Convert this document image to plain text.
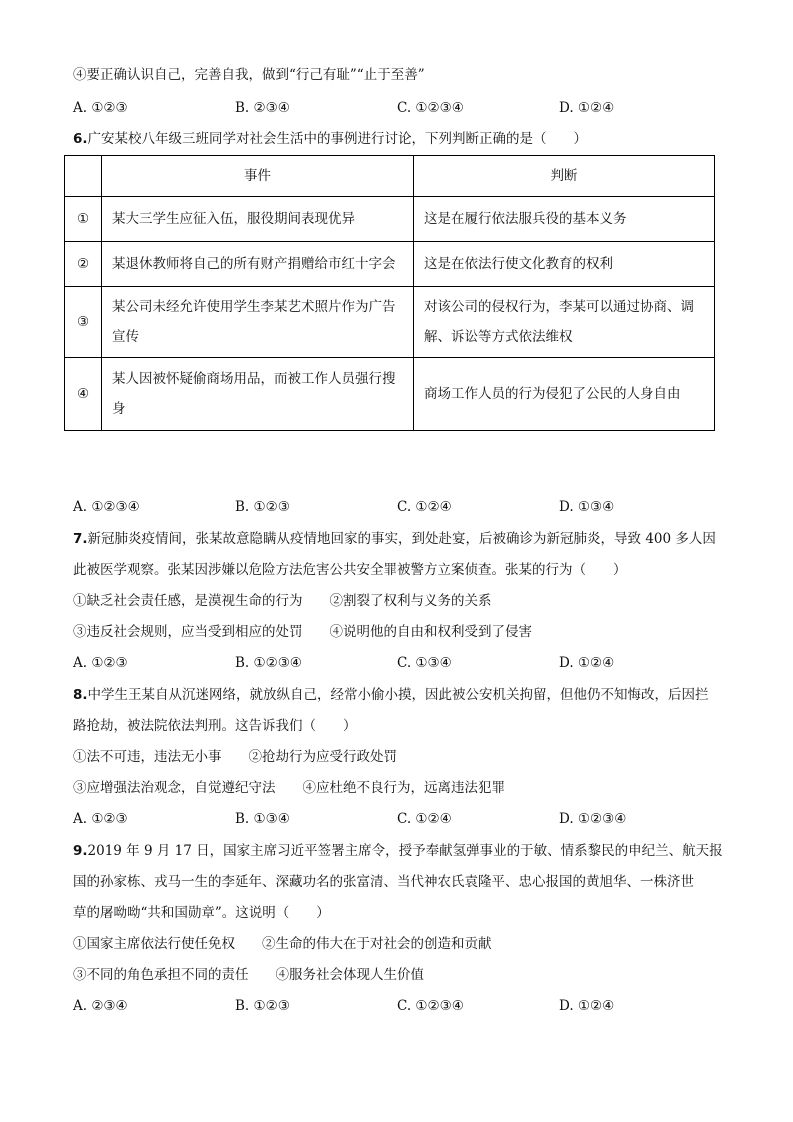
④要正确认识自己，完善自我，做到“行己有耻”“止于至善”
A. ①②③	B. ②③④	C. ①②③④	D. ①②④
6.广安某校八年级三班同学对社会生活中的事例进行讨论，下列判断正确的是（　　）
	事件	判断
①	某大三学生应征入伍，服役期间表现优异	这是在履行依法服兵役的基本义务
②	某退休教师将自己的所有财产捐赠给市红十字会	这是在依法行使文化教育的权利
③	某公司未经允许使用学生李某艺术照片作为广告宣传	对该公司的侵权行为，李某可以通过协商、调解、诉讼等方式依法维权
④	某人因被怀疑偷商场用品，而被工作人员强行搜身	商场工作人员的行为侵犯了公民的人身自由
A. ①②③④	B. ①②③	C. ①②④	D. ①③④
7.新冠肺炎疫情间，张某故意隐瞒从疫情地回家的事实，到处赴宴，后被确诊为新冠肺炎，导致 400 多人因
此被医学观察。张某因涉嫌以危险方法危害公共安全罪被警方立案侦查。张某的行为（　　）
①缺乏社会责任感，是漠视生命的行为　　②割裂了权利与义务的关系
③违反社会规则，应当受到相应的处罚　　④说明他的自由和权利受到了侵害
A. ①②③	B. ①②③④	C. ①③④	D. ①②④
8.中学生王某自从沉迷网络，就放纵自己，经常小偷小摸，因此被公安机关拘留，但他仍不知悔改，后因拦
路抢劫，被法院依法判刑。这告诉我们（　　）
①法不可违，违法无小事　　②抢劫行为应受行政处罚
③应增强法治观念，自觉遵纪守法　　④应杜绝不良行为，远离违法犯罪
A. ①②③	B. ①③④	C. ①②④	D. ①②③④
9.2019 年 9 月 17 日，国家主席习近平签署主席令，授予奉献氢弹事业的于敏、情系黎民的申纪兰、航天报
国的孙家栋、戎马一生的李延年、深藏功名的张富清、当代神农氏袁隆平、忠心报国的黄旭华、一株济世
草的屠呦呦“共和国勋章”。这说明（　　）
①国家主席依法行使任免权　　②生命的伟大在于对社会的创造和贡献
③不同的角色承担不同的责任　　④服务社会体现人生价值
A. ②③④	B. ①②③	C. ①②③④	D. ①②④
